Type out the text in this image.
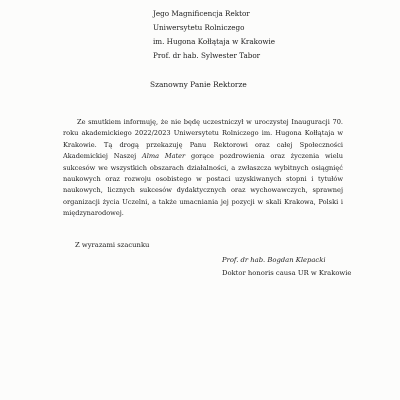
Jego Magnificencja Rektor
Uniwersytetu Rolniczego
im. Hugona Kołłątaja w Krakowie
Prof. dr hab. Sylwester Tabor
Szanowny Panie Rektorze

Ze smutkiem informuję, że nie będę uczestniczył w uroczystej Inauguracji 70. roku akademickiego 2022/2023 Uniwersytetu Rolniczego im. Hugona Kołłątaja w Krakowie. Tą drogą przekazuję Panu Rektorowi oraz całej Społeczności Akademickiej Naszej Alma Mater gorące pozdrowienia oraz życzenia wielu sukcesów we wszystkich obszarach działalności, a zwłaszcza wybitnych osiągnięć naukowych oraz rozwoju osobistego w postaci uzyskiwanych stopni i tytułów naukowych, licznych sukcesów dydaktycznych oraz wychowawczych, sprawnej organizacji życia Uczelni, a także umacniania jej pozycji w skali Krakowa, Polski i międzynarodowej.

Z wyrazami szacunku
Prof. dr hab. Bogdan Klepacki
Doktor honoris causa UR w Krakowie
